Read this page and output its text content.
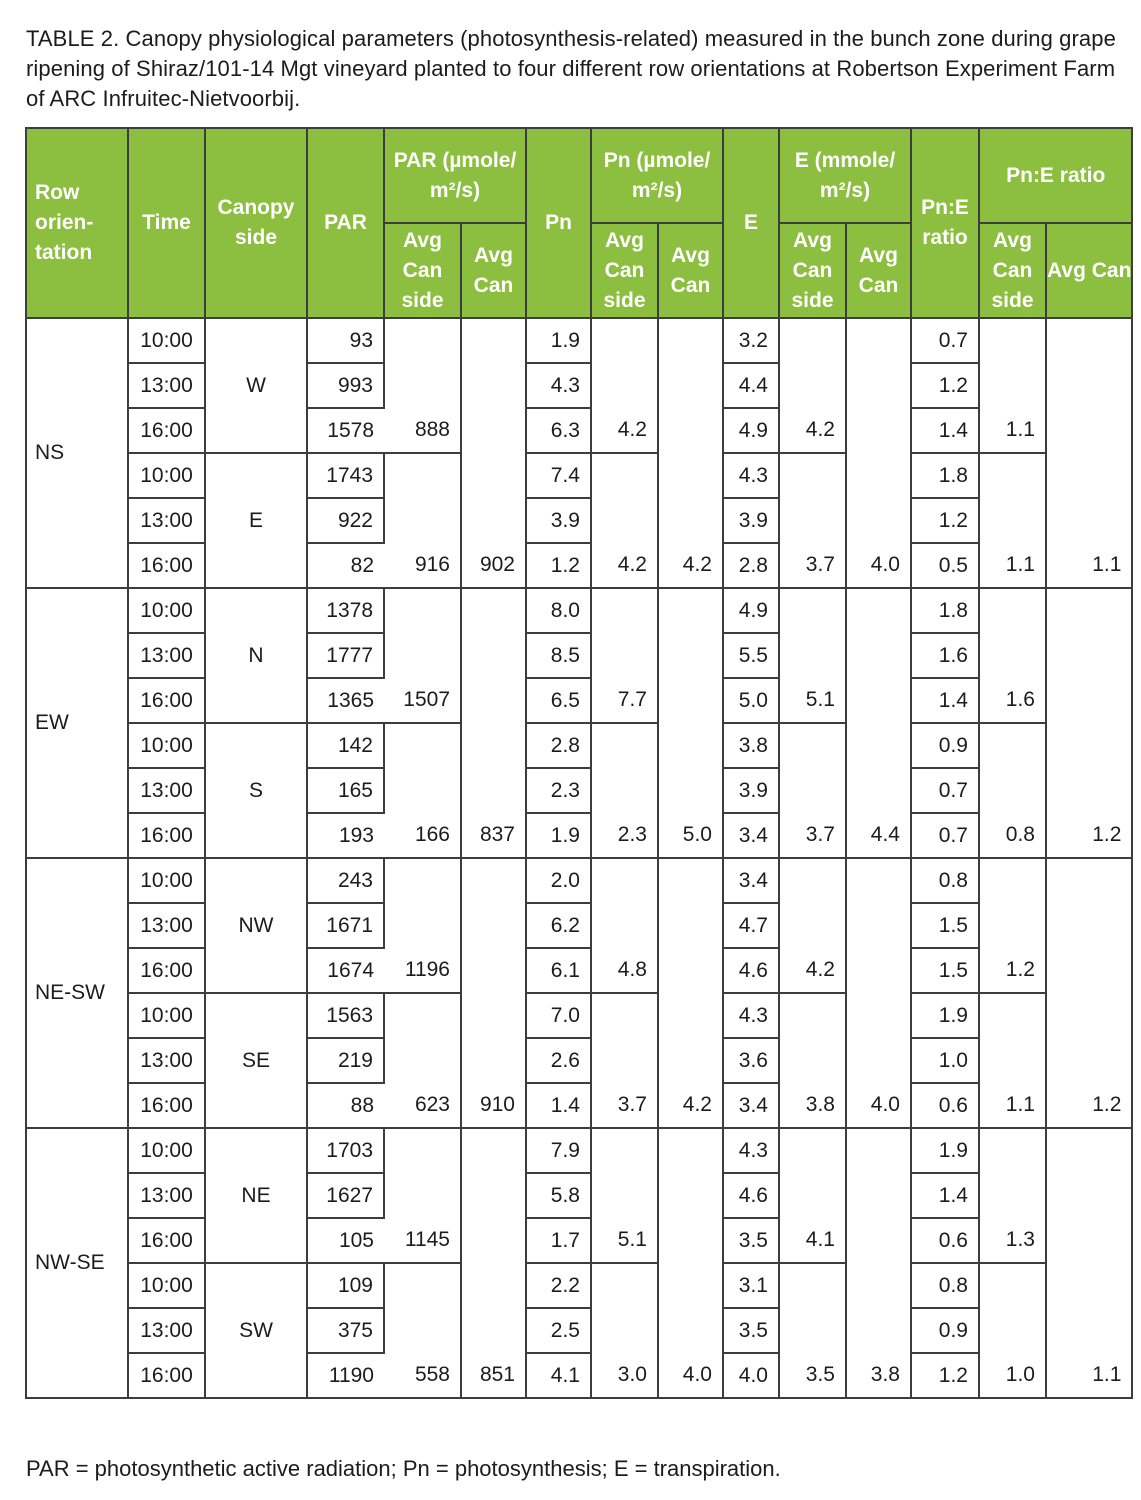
TABLE 2. Canopy physiological parameters (photosynthesis-related) measured in the bunch zone during grape ripening of Shiraz/101-14 Mgt vineyard planted to four different row orientations at Robertson Experiment Farm of ARC Infruitec-Nietvoorbij.
Row orien- tation	Time	Canopy side	PAR	PAR (µmole/ m²/s)		Pn	Pn (µmole/ m²/s)		E	E (mmole/ m²/s)		Pn:E ratio	Pn:E ratio	
				Avg Can side	Avg Can		Avg Can side	Avg Can		Avg Can side	Avg Can		Avg Can side	Avg Can
NS	10:00	W	93			1.9			3.2			0.7		
	13:00		993			4.3			4.4			1.2		
	16:00		1578	888		6.3	4.2		4.9	4.2		1.4	1.1	
	10:00	E	1743			7.4			4.3			1.8		
	13:00		922			3.9			3.9			1.2		
	16:00		82	916	902	1.2	4.2	4.2	2.8	3.7	4.0	0.5	1.1	1.1
EW	10:00	N	1378			8.0			4.9			1.8		
	13:00		1777			8.5			5.5			1.6		
	16:00		1365	1507		6.5	7.7		5.0	5.1		1.4	1.6	
	10:00	S	142			2.8			3.8			0.9		
	13:00		165			2.3			3.9			0.7		
	16:00		193	166	837	1.9	2.3	5.0	3.4	3.7	4.4	0.7	0.8	1.2
NE-SW	10:00	NW	243			2.0			3.4			0.8		
	13:00		1671			6.2			4.7			1.5		
	16:00		1674	1196		6.1	4.8		4.6	4.2		1.5	1.2	
	10:00	SE	1563			7.0			4.3			1.9		
	13:00		219			2.6			3.6			1.0		
	16:00		88	623	910	1.4	3.7	4.2	3.4	3.8	4.0	0.6	1.1	1.2
NW-SE	10:00	NE	1703			7.9			4.3			1.9		
	13:00		1627			5.8			4.6			1.4		
	16:00		105	1145		1.7	5.1		3.5	4.1		0.6	1.3	
	10:00	SW	109			2.2			3.1			0.8		
	13:00		375			2.5			3.5			0.9		
	16:00		1190	558	851	4.1	3.0	4.0	4.0	3.5	3.8	1.2	1.0	1.1
PAR = photosynthetic active radiation; Pn = photosynthesis; E = transpiration.
